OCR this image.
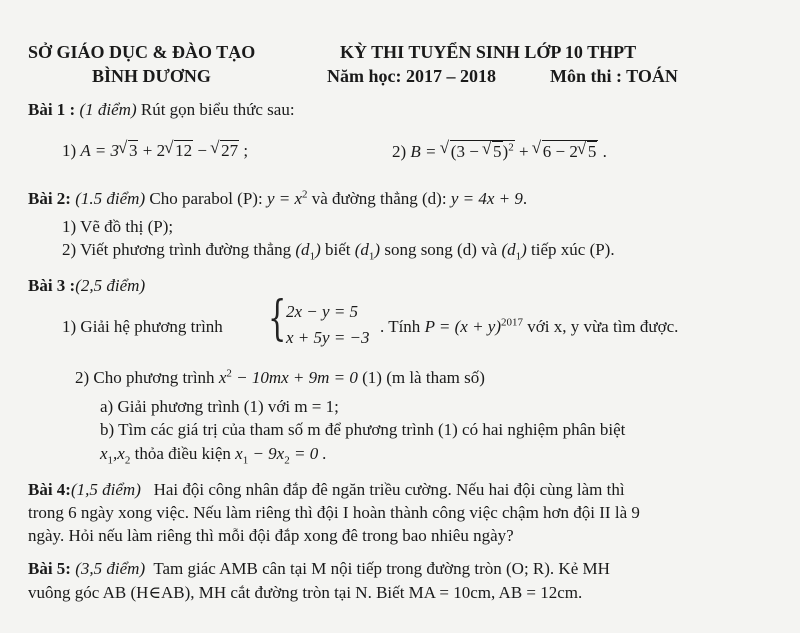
SỞ GIÁO DỤC & ĐÀO TẠO
BÌNH DƯƠNG
KỲ THI TUYỂN SINH LỚP 10 THPT
Năm học: 2017 – 2018	Môn thi : TOÁN
Bài 1 : (1 điểm) Rút gọn biểu thức sau:
1) A = 3 √ 3 + 2 √ 12 − √ 27 ;	2) B = √ (3 − √ 5)$^2$ + √ 6 − 2 √ 5 .
Bài 2: (1.5 điểm) Cho parabol (P): $y = x^2$ và đường thẳng (d): y = 4x + 9.
1) Vẽ đồ thị (P);
2) Viết phương trình đường thẳng $(d_1)$ biết $(d_1)$ song song (d) và $(d_1)$ tiếp xúc (P).
Bài 3 :(2,5 điểm)
1) Giải hệ phương trình { 2x − y = 5
x + 5y = −3
. Tính $P = (x + y)^{2017}$ với x, y vừa tìm được.
2) Cho phương trình $x^2 - 10mx + 9m = 0$ (1) (m là tham số)
a) Giải phương trình (1) với m = 1;
b) Tìm các giá trị của tham số m để phương trình (1) có hai nghiệm phân biệt
$x_1,x_2$ thỏa điều kiện $x_1 - 9x_2 = 0$ .
Bài 4:(1,5 điểm) Hai đội công nhân đắp đê ngăn triều cường. Nếu hai đội cùng làm thì
trong 6 ngày xong việc. Nếu làm riêng thì đội I hoàn thành công việc chậm hơn đội II là 9
ngày. Hỏi nếu làm riêng thì mỗi đội đắp xong đê trong bao nhiêu ngày?
Bài 5: (3,5 điểm) Tam giác AMB cân tại M nội tiếp trong đường tròn (O; R). Kẻ MH
vuông góc AB (H∈AB), MH cắt đường tròn tại N. Biết MA = 10cm, AB = 12cm.
